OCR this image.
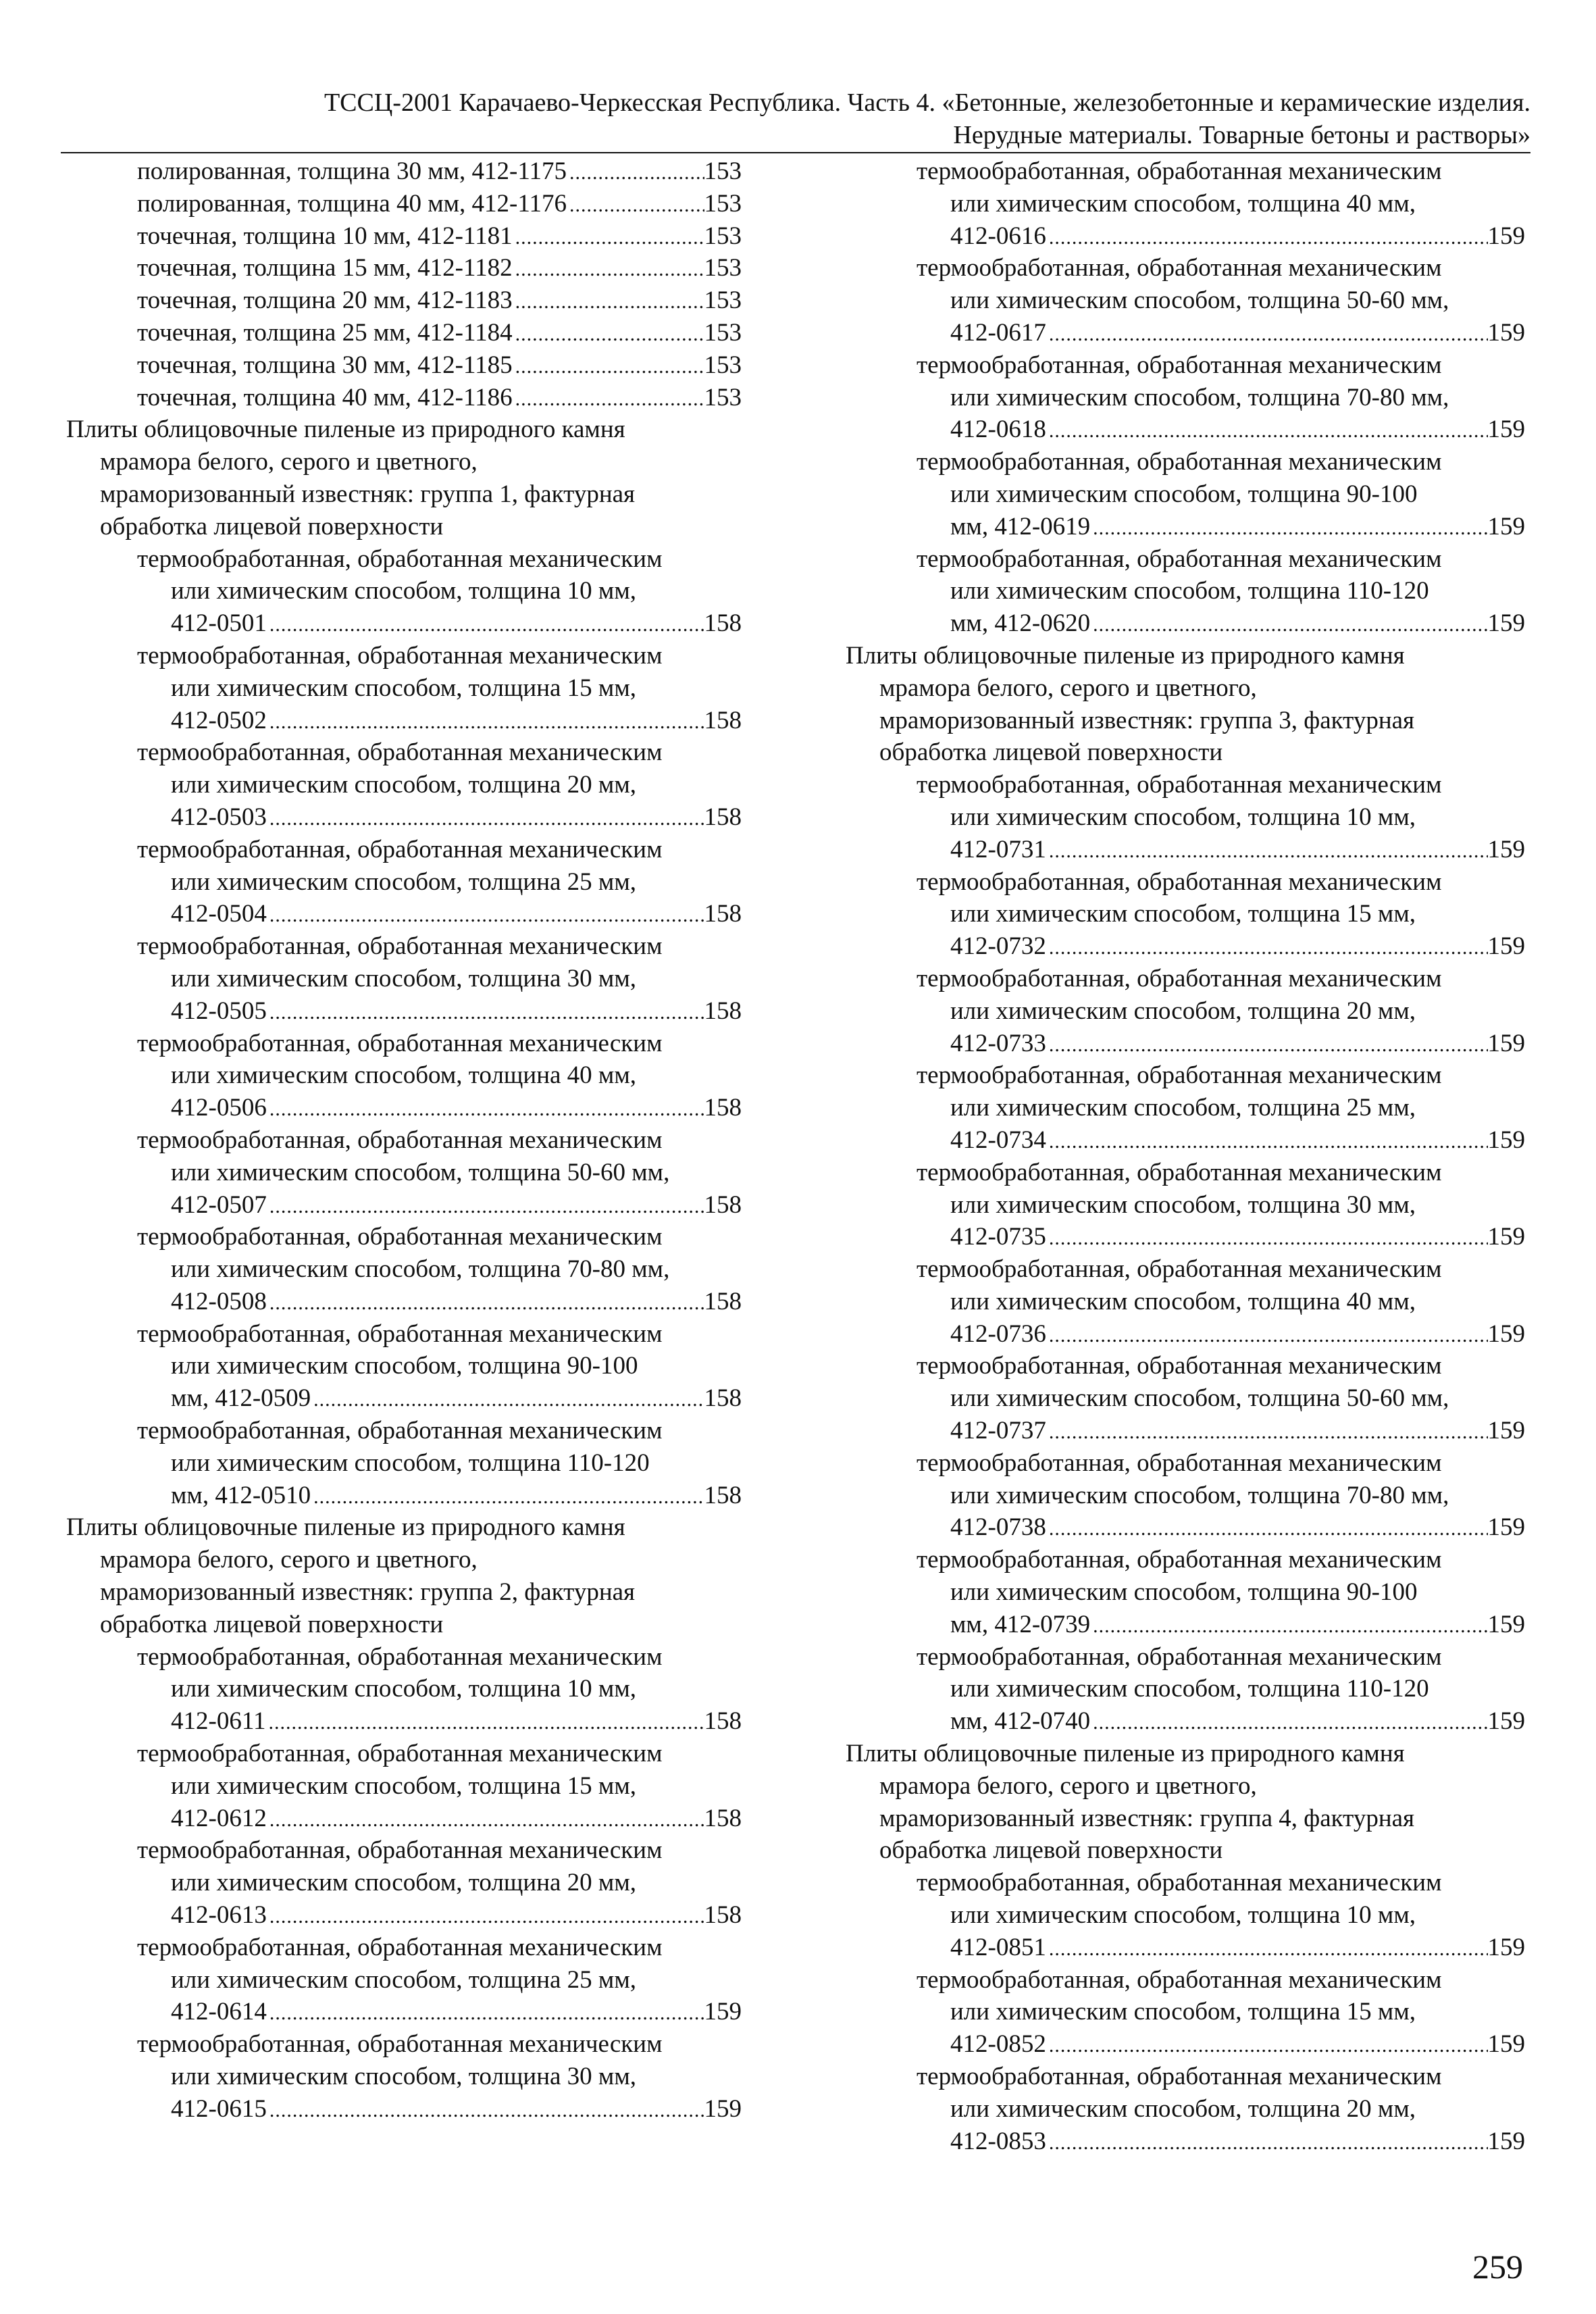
ТССЦ-2001 Карачаево-Черкесская Республика. Часть 4. «Бетонные, железобетонные и керамические изделия.
Нерудные материалы. Товарные бетоны и растворы»
полированная, толщина 30 мм, 412-1175 .....	153
полированная, толщина 40 мм, 412-1176 .....	153
точечная, толщина 10 мм, 412-1181 .....	153
точечная, толщина 15 мм, 412-1182 .....	153
точечная, толщина 20 мм, 412-1183 .....	153
точечная, толщина 25 мм, 412-1184 .....	153
точечная, толщина 30 мм, 412-1185 .....	153
точечная, толщина 40 мм, 412-1186 .....	153
Плиты облицовочные пиленые из природного камня
мрамора белого, серого и цветного,
мраморизованный известняк: группа 1, фактурная
обработка лицевой поверхности
термообработанная, обработанная механическим
или химическим способом, толщина 10 мм,
412-0501 .....	158
термообработанная, обработанная механическим
или химическим способом, толщина 15 мм,
412-0502 .....	158
термообработанная, обработанная механическим
или химическим способом, толщина 20 мм,
412-0503 .....	158
термообработанная, обработанная механическим
или химическим способом, толщина 25 мм,
412-0504 .....	158
термообработанная, обработанная механическим
или химическим способом, толщина 30 мм,
412-0505 .....	158
термообработанная, обработанная механическим
или химическим способом, толщина 40 мм,
412-0506 .....	158
термообработанная, обработанная механическим
или химическим способом, толщина 50-60 мм,
412-0507 .....	158
термообработанная, обработанная механическим
или химическим способом, толщина 70-80 мм,
412-0508 .....	158
термообработанная, обработанная механическим
или химическим способом, толщина 90-100
мм, 412-0509 .....	158
термообработанная, обработанная механическим
или химическим способом, толщина 110-120
мм, 412-0510 .....	158
Плиты облицовочные пиленые из природного камня
мрамора белого, серого и цветного,
мраморизованный известняк: группа 2, фактурная
обработка лицевой поверхности
термообработанная, обработанная механическим
или химическим способом, толщина 10 мм,
412-0611 .....	158
термообработанная, обработанная механическим
или химическим способом, толщина 15 мм,
412-0612 .....	158
термообработанная, обработанная механическим
или химическим способом, толщина 20 мм,
412-0613 .....	158
термообработанная, обработанная механическим
или химическим способом, толщина 25 мм,
412-0614 .....	159
термообработанная, обработанная механическим
или химическим способом, толщина 30 мм,
412-0615 .....	159
термообработанная, обработанная механическим
или химическим способом, толщина 40 мм,
412-0616 .....	159
термообработанная, обработанная механическим
или химическим способом, толщина 50-60 мм,
412-0617 .....	159
термообработанная, обработанная механическим
или химическим способом, толщина 70-80 мм,
412-0618 .....	159
термообработанная, обработанная механическим
или химическим способом, толщина 90-100
мм, 412-0619 .....	159
термообработанная, обработанная механическим
или химическим способом, толщина 110-120
мм, 412-0620 .....	159
Плиты облицовочные пиленые из природного камня
мрамора белого, серого и цветного,
мраморизованный известняк: группа 3, фактурная
обработка лицевой поверхности
термообработанная, обработанная механическим
или химическим способом, толщина 10 мм,
412-0731 .....	159
термообработанная, обработанная механическим
или химическим способом, толщина 15 мм,
412-0732 .....	159
термообработанная, обработанная механическим
или химическим способом, толщина 20 мм,
412-0733 .....	159
термообработанная, обработанная механическим
или химическим способом, толщина 25 мм,
412-0734 .....	159
термообработанная, обработанная механическим
или химическим способом, толщина 30 мм,
412-0735 .....	159
термообработанная, обработанная механическим
или химическим способом, толщина 40 мм,
412-0736 .....	159
термообработанная, обработанная механическим
или химическим способом, толщина 50-60 мм,
412-0737 .....	159
термообработанная, обработанная механическим
или химическим способом, толщина 70-80 мм,
412-0738 .....	159
термообработанная, обработанная механическим
или химическим способом, толщина 90-100
мм, 412-0739 .....	159
термообработанная, обработанная механическим
или химическим способом, толщина 110-120
мм, 412-0740 .....	159
Плиты облицовочные пиленые из природного камня
мрамора белого, серого и цветного,
мраморизованный известняк: группа 4, фактурная
обработка лицевой поверхности
термообработанная, обработанная механическим
или химическим способом, толщина 10 мм,
412-0851 .....	159
термообработанная, обработанная механическим
или химическим способом, толщина 15 мм,
412-0852 .....	159
термообработанная, обработанная механическим
или химическим способом, толщина 20 мм,
412-0853 .....	159
259
